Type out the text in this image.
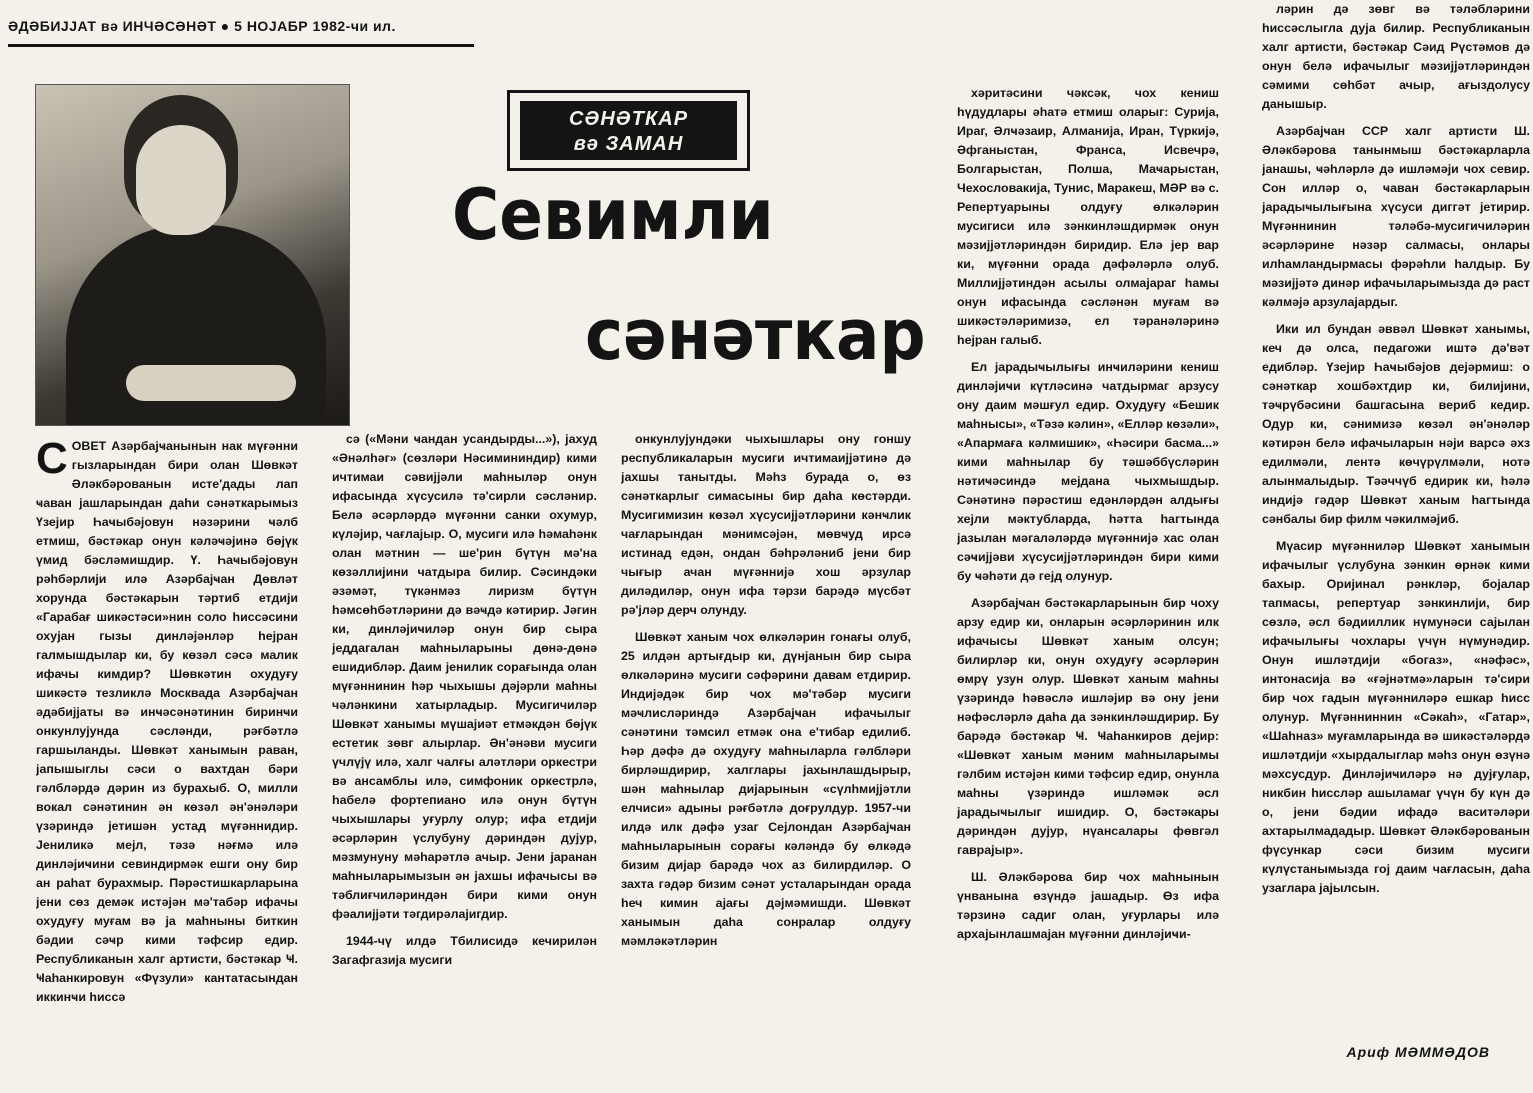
ӘДӘБИЈЈАТ вә ИНЧӘСӘНӘТ ● 5 НОЈАБР 1982-чи ил.
СӘНӘТКАР
вә ЗАМАН
Севимли
сәнәткар
С ОВЕТ Азәрбајҹанынын нак мүғәнни гызларындан бири олан Шөвкәт Әләкбәрованын исте'дады лап ҹаван јашларындан даһи сәнәткарымыз Үзејир Һаҹыбәјовун нәзәрини ҹәлб етмиш, бәстәкар онун кәләҹәјинә бөјүк үмид бәсләмишдир. Ү. Һаҹыбәјовун рәһбәрлији илә Азәрбајҹан Дөвләт хорунда бәстәкарын тәртиб етдији «Гарабағ шикәстәси»нин соло һиссәсини охујан гызы динләјәнләр һејран галмышдылар ки, бу көзәл сәсә малик ифачы кимдир? Шөвкәтин охудуғу шикәстә тезликлә Москвада Азәрбајҹан әдәбијјаты вә инҹәсәнәтинин биринҹи онкунлујунда сәсләнди, рәғбәтлә гаршыланды. Шөвкәт ханымын раван, јапышыглы сәси о вахтдан бәри гәлбләрдә дәрин из бурахыб. О, милли вокал сәнәтинин ән көзәл ән'әнәләри үзәриндә јетишән устад мүғәннидир. Јениликә мејл, тәзә нәғмә илә динләјиҹини севиндирмәк ешги ону бир ан раһат бурахмыр. Пәрәстишкарларына јени сөз демәк истәјән мә'табәр ифачы охудуғу муғам вә ја маһныны биткин бәдии сәҹр кими тәфсир едир. Республиканын халг артисти, бәстәкар Ҹ. Ҹаһанкировун «Фүзули» кантатасындан иккинҹи һиссә

сә («Мәни ҹандан усандырды...»), јахуд «Әнәлһәг» (сөзләри Нәсимининдир) кими ичтимаи сәвијјәли маһныләр онун ифасында хүсусилә тә'сирли сәсләнир. Белә әсәрләрдә мүғәнни санки охумур, күләјир, чағлајыр. О, мусиги илә һәмаһәнк олан мәтнин — ше'рин бүтүн мә'на көзәллијини чатдыра билир. Сәсиндәки әзәмәт, түкәнмәз лиризм бүтүн һәмсөһбәтләрини дә вәҹдә кәтирир. Јәгин ки, динләјиҹиләр онун бир сыра једдагалан маһныларыны дөнә-дөнә ешидибләр. Даим јенилик сорағында олан мүғәннинин һәр чыхышы дәјәрли маһны чәләнкини хатырладыр. Мусигичиләр Шөвкәт ханымы мүшајиәт етмәкдән бөјүк естетик зөвг алырлар. Ән'әнәви мусиги үчлүјү илә, халг чалғы аләтләри оркестри вә ансамблы илә, симфоник оркестрлә, һабелә фортепиано илә онун бүтүн чыхышлары уғурлу олур; ифа етдији әсәрләрин үслубуну дәриндән дујур, мәзмунуну мәһарәтлә ачыр. Јени јаранан маһныларымызын ән јахшы ифачысы вә тәблиғчиләриндән бири кими онун фәалијјәти тәгдирәлајигдир.

1944-чү илдә Тбилисидә кечирилән Загафгазија мусиги

онкунлујундәки чыхышлары ону гоншу республикаларын мусиги ичтимаијјәтинә дә јахшы танытды. Мәһз бурада о, өз сәнәткарлыг симасыны бир даһа көстәрди. Мусигимизин көзәл хүсусијјәтләрини кәнҹлик чағларындан мәнимсәјән, мөвҹуд ирсә истинад едән, ондан бәһрәләниб јени бир чығыр ачан мүғәннијә хош әрзулар диләдиләр, онун ифа тәрзи барәдә мүсбәт рә'јләр дерч олунду.

Шөвкәт ханым чох өлкәләрин гонағы олуб, 25 илдән артығдыр ки, дүнјанын бир сыра өлкәләринә мусиги сәфәрини давам етдирир. Индијәдәк бир чох мә'тәбәр мусиги мәҹлисләриндә Азәрбајҹан ифачылыг сәнәтини тәмсил етмәк она е'тибар едилиб. Һәр дәфә дә охудуғу маһныларла гәлбләри бирләшдирир, халглары јахынлашдырыр, шән маһнылар дијарынын «сүлһмијјәтли елчиси» адыны рәғбәтлә доғрулдур. 1957-чи илдә илк дәфә узаг Сејлондан Азәрбајҹан маһныларынын сорағы кәләндә бу өлкәдә бизим дијар барәдә чох аз билирдиләр. О захта гәдәр бизим сәнәт усталарындан орада һеч кимин ајағы дәјмәмишди. Шөвкәт ханымын даһа сонралар олдуғу мәмләкәтләрин

хәритәсини чәксәк, чох кениш һүдудлары әһатә етмиш оларыг: Сурија, Ираг, Әлҹәзаир, Алманија, Иран, Түркијә, Әфганыстан, Франса, Исвечрә, Болгарыстан, Полша, Маҹарыстан, Чехословакија, Тунис, Маракеш, МӘР вә с. Репертуарыны олдуғу өлкәләрин мусигиси илә зәнкинләшдирмәк онун мәзијјәтләриндән биридир. Елә јер вар ки, мүғәнни орада дәфәләрлә олуб. Миллијјәтиндән асылы олмајараг һамы онун ифасында сәсләнән муғам вә шикәстәләримизә, ел тәранәләринә һејран галыб.

Ел јарадыҹылығы инҹиләрини кениш динләјиҹи күтләсинә чатдырмаг арзусу ону даим мәшғул едир. Охудуғу «Бешик маһнысы», «Тәзә кәлин», «Елләр көзәли», «Апармаға кәлмишик», «Һәсири басма...» кими маһнылар бу тәшәббүсләрин нәтиҹәсиндә мејдана чыхмышдыр. Сәнәтинә пәрәстиш едәнләрдән алдығы хејли мәктубларда, һәтта һагтында јазылан мәгаләләрдә мүғәннијә хас олан сәҹијјәви хүсусијјәтләриндән бири кими бу ҹәһәти дә гејд олунур.

Азәрбајҹан бәстәкарларынын бир чоху арзу едир ки, онларын әсәрләринин илк ифачысы Шөвкәт ханым олсун; билирләр ки, онун охудуғу әсәрләрин өмрү узун олур. Шөвкәт ханым маһны үзәриндә һәвәслә ишләјир вә ону јени нәфәсләрлә даһа да зәнкинләшдирир. Бу барәдә бәстәкар Ҹ. Ҹаһанкиров дејир: «Шөвкәт ханым мәним маһныларымы гәлбим истәјән кими тәфсир едир, онунла маһны үзәриндә ишләмәк әсл јарадыҹылыг ишидир. О, бәстәкары дәриндән дујур, нүансалары фөвгәл гаврајыр».

Ш. Әләкбәрова бир чох маһнынын үнванына өзүндә јашадыр. Өз ифа тәрзинә садиг олан, уғурлары илә архајынлашмајан мүғәнни динләјиҹи-

ләрин дә зөвг вә тәләбләрини һиссәслыгла дуја билир. Республиканын халг артисти, бәстәкар Сәид Рүстәмов дә онун белә ифачылыг мәзијјәтләриндән сәмими сөһбәт ачыр, ағыздолусу данышыр.

Азәрбајҹан ССР халг артисти Ш. Әләкбәрова танынмыш бәстәкарларла јанашы, ҹәһләрлә дә ишләмәји чох севир. Сон илләр о, ҹаван бәстәкарларын јарадыҹылығына хүсуси диггәт јетирир. Мүғәннинин тәләбә-мусигичиләрин әсәрләрине нәзәр салмасы, онлары илһамландырмасы фәрәһли һалдыр. Бу мәзијјәтә динәр ифачыларымызда дә раст кәлмәјә арзулајардыг.

Ики ил бундан әввәл Шөвкәт ханымы, кеч дә олса, педагожи иштә дә'вәт едибләр. Үзејир Һаҹыбәјов дејәрмиш: о сәнәткар хошбәхтдир ки, билијини, тәҹрүбәсини башгасына вериб кедир. Одур ки, сәнимизә көзәл ән'әнәләр кәтирән белә ифачыларын нәји варсә әхз едилмәли, лентә көчүрүлмәли, нотә алынмалыдыр. Тәәччүб едирик ки, һәлә индијә гәдәр Шөвкәт ханым һагтында сәнбалы бир филм чәкилмәјиб.

Мүасир мүғәнниләр Шөвкәт ханымын ифачылыг үслубуна зәнкин өрнәк кими бахыр. Оријинал рәнкләр, бојалар тапмасы, репертуар зәнкинлији, бир сөзлә, әсл бәдииллик нүмунәси сајылан ифачылығы чохлары үчүн нүмунәдир. Онун ишләтдији «богаз», «нәфәс», интонасија вә «ғәјнәтмә»ларын тә'сири бир чох гадын мүғәнниләрә ешкар һисс олунур. Мүғәнниннин «Сәкаһ», «Гатар», «Шаһназ» муғамларында вә шикәстәләрдә ишләтдији «хырдалыглар мәһз онун өзүнә мәхсусдур. Динләјиҹиләрә нә дујғулар, никбин һиссләр ашыламаг үчүн бу күн дә о, јени бәдии ифадә васитәләри ахтарылмададыр. Шөвкәт Әләкбәрованын фүсункар сәси бизим мусиги күлүстанымызда гој даим чағласын, даһа узагларa јајылсын.

Ариф МӘММӘДОВ
